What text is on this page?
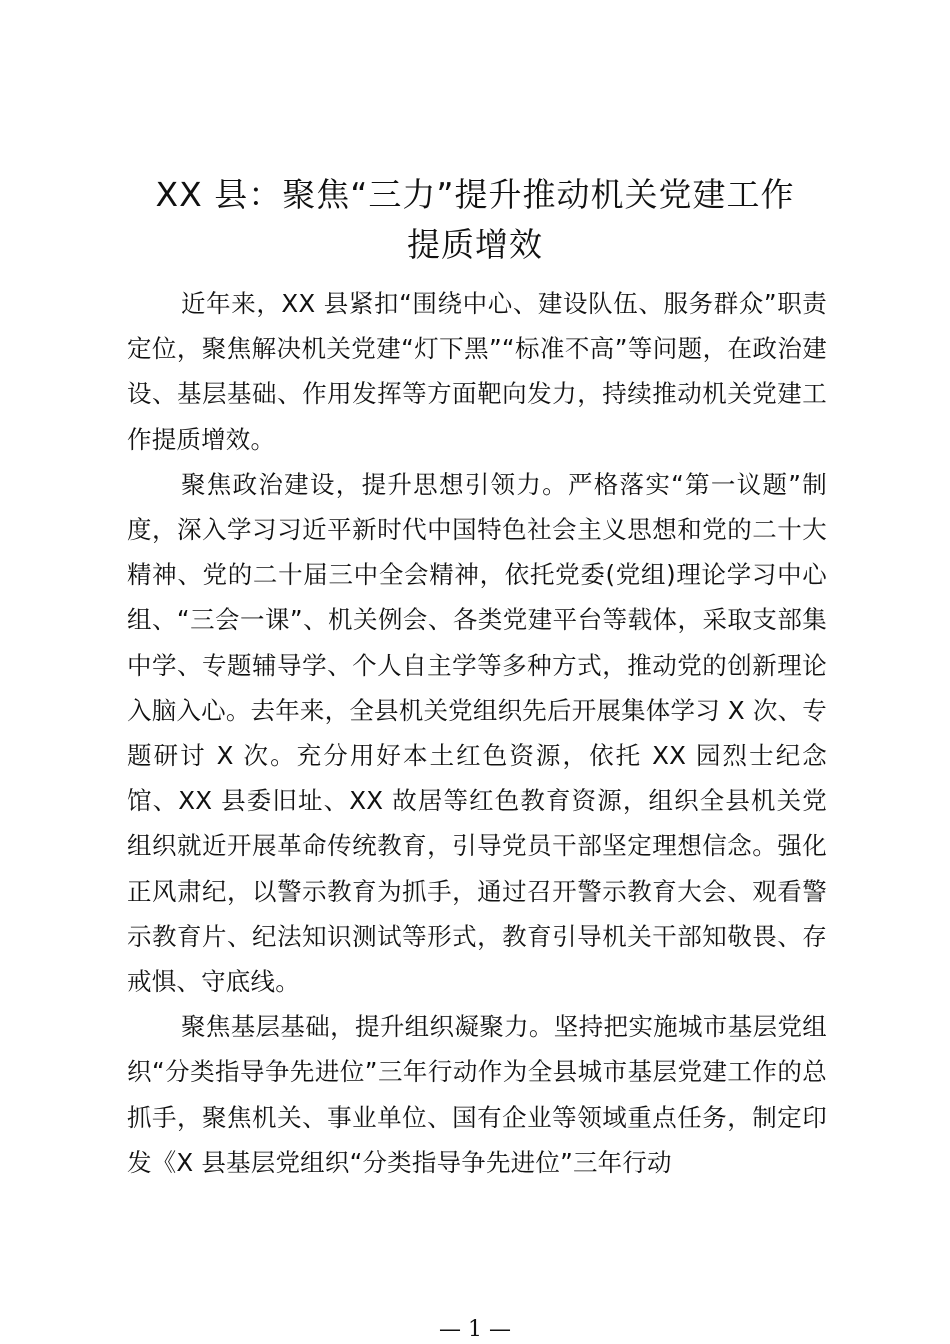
XX 县：聚焦“三力”提升推动机关党建工作
提质增效

近年来，XX 县紧扣“围绕中心、建设队伍、服务群众”职责定位，聚焦解决机关党建“灯下黑”“标准不高”等问题，在政治建设、基层基础、作用发挥等方面靶向发力，持续推动机关党建工作提质增效。

聚焦政治建设，提升思想引领力。严格落实“第一议题”制度，深入学习习近平新时代中国特色社会主义思想和党的二十大精神、党的二十届三中全会精神，依托党委(党组)理论学习中心组、“三会一课”、机关例会、各类党建平台等载体，采取支部集中学、专题辅导学、个人自主学等多种方式，推动党的创新理论入脑入心。去年来，全县机关党组织先后开展集体学习 X 次、专题研讨 X 次。充分用好本土红色资源，依托 XX 园烈士纪念馆、XX 县委旧址、XX 故居等红色教育资源，组织全县机关党组织就近开展革命传统教育，引导党员干部坚定理想信念。强化正风肃纪，以警示教育为抓手，通过召开警示教育大会、观看警示教育片、纪法知识测试等形式，教育引导机关干部知敬畏、存戒惧、守底线。

聚焦基层基础，提升组织凝聚力。坚持把实施城市基层党组织“分类指导争先进位”三年行动作为全县城市基层党建工作的总抓手，聚焦机关、事业单位、国有企业等领域重点任务，制定印发《X 县基层党组织“分类指导争先进位”三年行动

— 1 —
